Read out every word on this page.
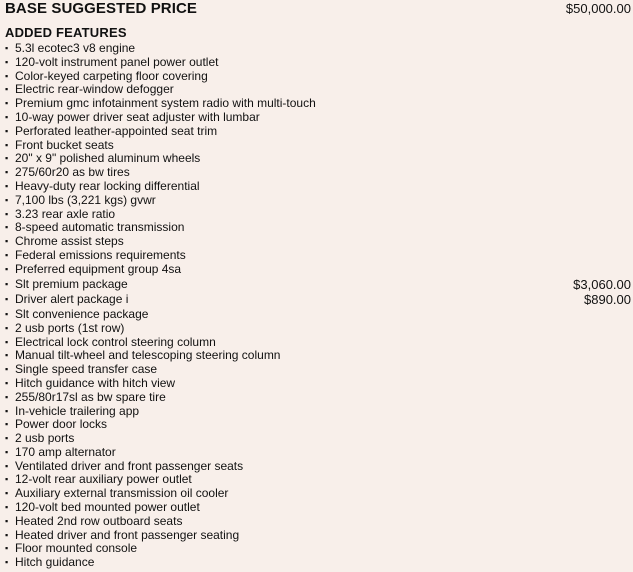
BASE SUGGESTED PRICE	$50,000.00
ADDED FEATURES
▪ 5.3l ecotec3 v8 engine
▪ 120-volt instrument panel power outlet
▪ Color-keyed carpeting floor covering
▪ Electric rear-window defogger
▪ Premium gmc infotainment system radio with multi-touch
▪ 10-way power driver seat adjuster with lumbar
▪ Perforated leather-appointed seat trim
▪ Front bucket seats
▪ 20" x 9" polished aluminum wheels
▪ 275/60r20 as bw tires
▪ Heavy-duty rear locking differential
▪ 7,100 lbs (3,221 kgs) gvwr
▪ 3.23 rear axle ratio
▪ 8-speed automatic transmission
▪ Chrome assist steps
▪ Federal emissions requirements
▪ Preferred equipment group 4sa
▪ Slt premium package	$3,060.00
▪ Driver alert package i	$890.00
▪ Slt convenience package
▪ 2 usb ports (1st row)
▪ Electrical lock control steering column
▪ Manual tilt-wheel and telescoping steering column
▪ Single speed transfer case
▪ Hitch guidance with hitch view
▪ 255/80r17sl as bw spare tire
▪ In-vehicle trailering app
▪ Power door locks
▪ 2 usb ports
▪ 170 amp alternator
▪ Ventilated driver and front passenger seats
▪ 12-volt rear auxiliary power outlet
▪ Auxiliary external transmission oil cooler
▪ 120-volt bed mounted power outlet
▪ Heated 2nd row outboard seats
▪ Heated driver and front passenger seating
▪ Floor mounted console
▪ Hitch guidance
